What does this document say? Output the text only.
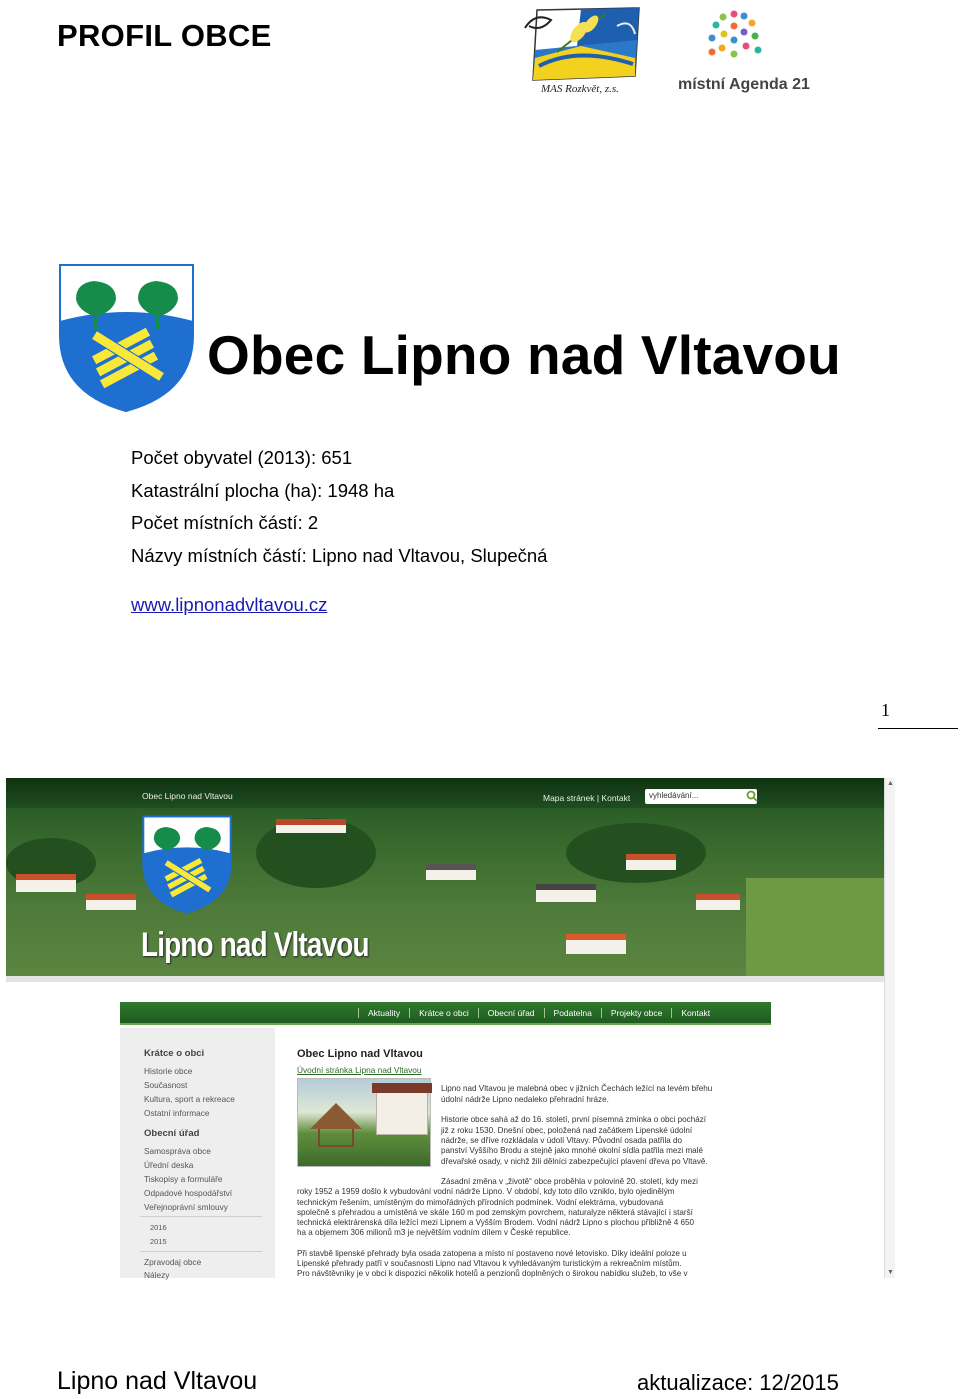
PROFIL OBCE
MAS Rozkvět, z.s.	místní Agenda 21
Obec Lipno nad Vltavou
Počet obyvatel (2013): 651
Katastrální plocha (ha): 1948 ha
Počet místních částí: 2
Názvy místních částí: Lipno nad Vltavou, Slupečná
www.lipnonadvltavou.cz
1
Obec Lipno nad Vltavou	Mapa stránek | Kontakt	vyhledávání...
Lipno nad Vltavou
Aktuality	Krátce o obci	Obecní úřad	Podatelna	Projekty obce	Kontakt
Krátce o obci
Historie obce
Současnost
Kultura, sport a rekreace
Ostatní informace
Obecní úřad
Samospráva obce
Úřední deska
Tiskopisy a formuláře
Odpadové hospodářství
Veřejnoprávní smlouvy
2016
2015
Zpravodaj obce
Nálezy
Obec Lipno nad Vltavou
Úvodní stránka Lipna nad Vltavou
Lipno nad Vltavou je malebná obec v jižních Čechách ležící na levém břehu
údolní nádrže Lipno nedaleko přehradní hráze.
Historie obce sahá až do 16. století, první písemná zmínka o obci pochází
již z roku 1530. Dnešní obec, položená nad začátkem Lipenské údolní
nádrže, se dříve rozkládala v údolí Vltavy. Původní osada patřila do
panství Vyššího Brodu a stejně jako mnohé okolní sídla patřila mezi malé
dřevařské osady, v nichž žili dělníci zabezpečující plavení dřeva po Vltavě.
Zásadní změna v „životě“ obce proběhla v polovině 20. století, kdy mezi
roky 1952 a 1959 došlo k vybudování vodní nádrže Lipno. V období, kdy toto dílo vzniklo, bylo ojedinělým
technickým řešením, umístěným do mimořádných přírodních podmínek. Vodní elektrárna, vybudovaná
společně s přehradou a umístěná ve skále 160 m pod zemským povrchem, naturalyze některá stávající i starší
technická elektrárenská díla ležící mezi Lipnem a Vyšším Brodem. Vodní nádrž Lipno s plochou přibližně 4 650
ha a objemem 306 milionů m3 je největším vodním dílem v České republice.
Při stavbě lipenské přehrady byla osada zatopena a místo ní postaveno nové letovisko. Díky ideální poloze u
Lipenské přehrady patří v současnosti Lipno nad Vltavou k vyhledávaným turistickým a rekreačním místům.
Pro návštěvníky je v obci k dispozici několik hotelů a penzionů doplněných o širokou nabídku služeb, to vše v
▲
▼
Lipno nad Vltavou	aktualizace: 12/2015
